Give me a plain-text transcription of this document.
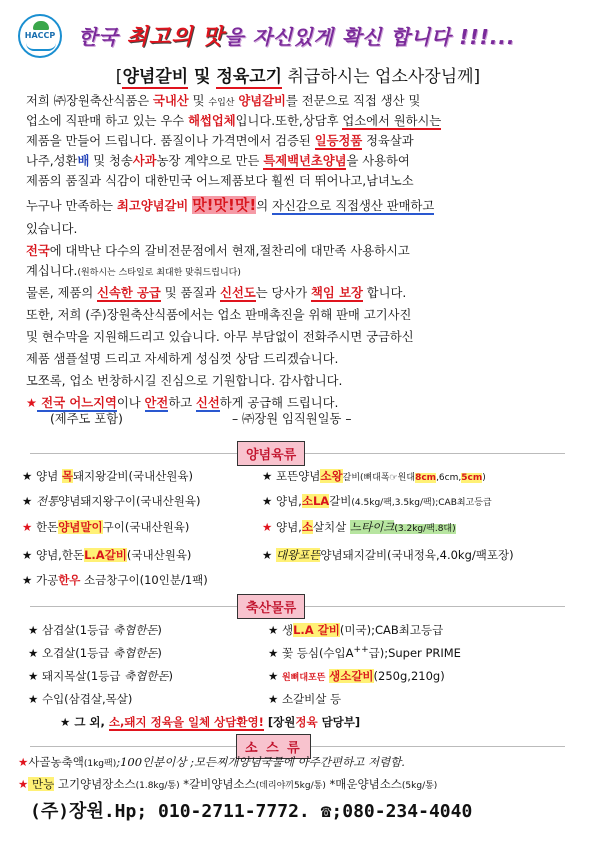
HACCP 한국 최고의 맛을 자신있게 확신 합니다 !!!...
[양념갈비 및 정육고기 취급하시는 업소사장님께]
저희 ㈜장원축산식품은 국내산 및 수입산 양념갈비를 전문으로 직접 생산 및
업소에 직판매 하고 있는 우수 해썹업체입니다.또한,상담후 업소에서 원하시는
제품을 만들어 드립니다. 품질이나 가격면에서 검증된 일등정품 정육살과
나주,성환배 및 청송사과농장 계약으로 만든 특제백년초양념을 사용하여
제품의 품질과 식감이 대한민국 어느제품보다 훨씬 더 뛰어나고,남녀노소
누구나 만족하는 최고양념갈비 맛!맛!맛!의 자신감으로 직접생산 판매하고
있습니다.
전국에 대박난 다수의 갈비전문점에서 현재,절찬리에 대만족 사용하시고
계십니다.(원하시는 스타일로 최대한 맞춰드립니다)
물론, 제품의 신속한 공급 및 품질과 신선도는 당사가 책임 보장 합니다.
또한, 저희 (주)장원축산식품에서는 업소 판매촉진을 위해 판매 고기사진
및 현수막을 지원해드리고 있습니다. 아무 부담없이 전화주시면 궁금하신
제품 샘플설명 드리고 자세하게 성심껏 상담 드리겠습니다.
모쪼록, 업소 번창하시길 진심으로 기원합니다. 감사합니다.
★ 전국 어느지역이나 안전하고 신선하게 공급해 드립니다.
(제주도 포함)	– ㈜장원 임직원일동 –
양념육류
★ 양념 목돼지왕갈비(국내산원육)	★ 포뜬양념소왕갈비(뼈대폭☞원대8cm,6cm,5cm)
★ 전통양념돼지왕구이(국내산원육)	★ 양념,소LA갈비(4.5kg/팩,3.5kg/팩);CAB최고등급
★ 한돈양념말이구이(국내산원육)	★ 양념,소살치살 느타이크(3.2kg/팩.8대)
★ 양념,한돈L.A갈비(국내산원육)	★ 대왕포뜬양념돼지갈비(국내정육,4.0kg/팩포장)
★ 가공한우 소금창구이(10인분/1팩)
축산물류
★ 삼겹살(1등급 축협한돈)	★ 생L.A 갈비(미국);CAB최고등급
★ 오겹살(1등급 축협한돈)	★ 꽃 등심(수입A++급);Super PRIME
★ 돼지목살(1등급 축협한돈)	★ 원뼈대포뜬 생소갈비(250g,210g)
★ 수입(삼겹살,목살)	★ 소갈비살 등
★ 그 외, 소,돼지 정육을 일체 상담환영! [장원정육 담당부]
소 스 류
★사골농축액(1kg팩);100인분이상 ;모든찌개양념국물에 아주간편하고 저렴함.
★ 만능 고기양념장소스(1.8kg/통) *갈비양념소스(데리야끼5kg/통) *매운양념소스(5kg/통)
(주)장원.Hp; 010-2711-7772. ☎;080-234-4040
